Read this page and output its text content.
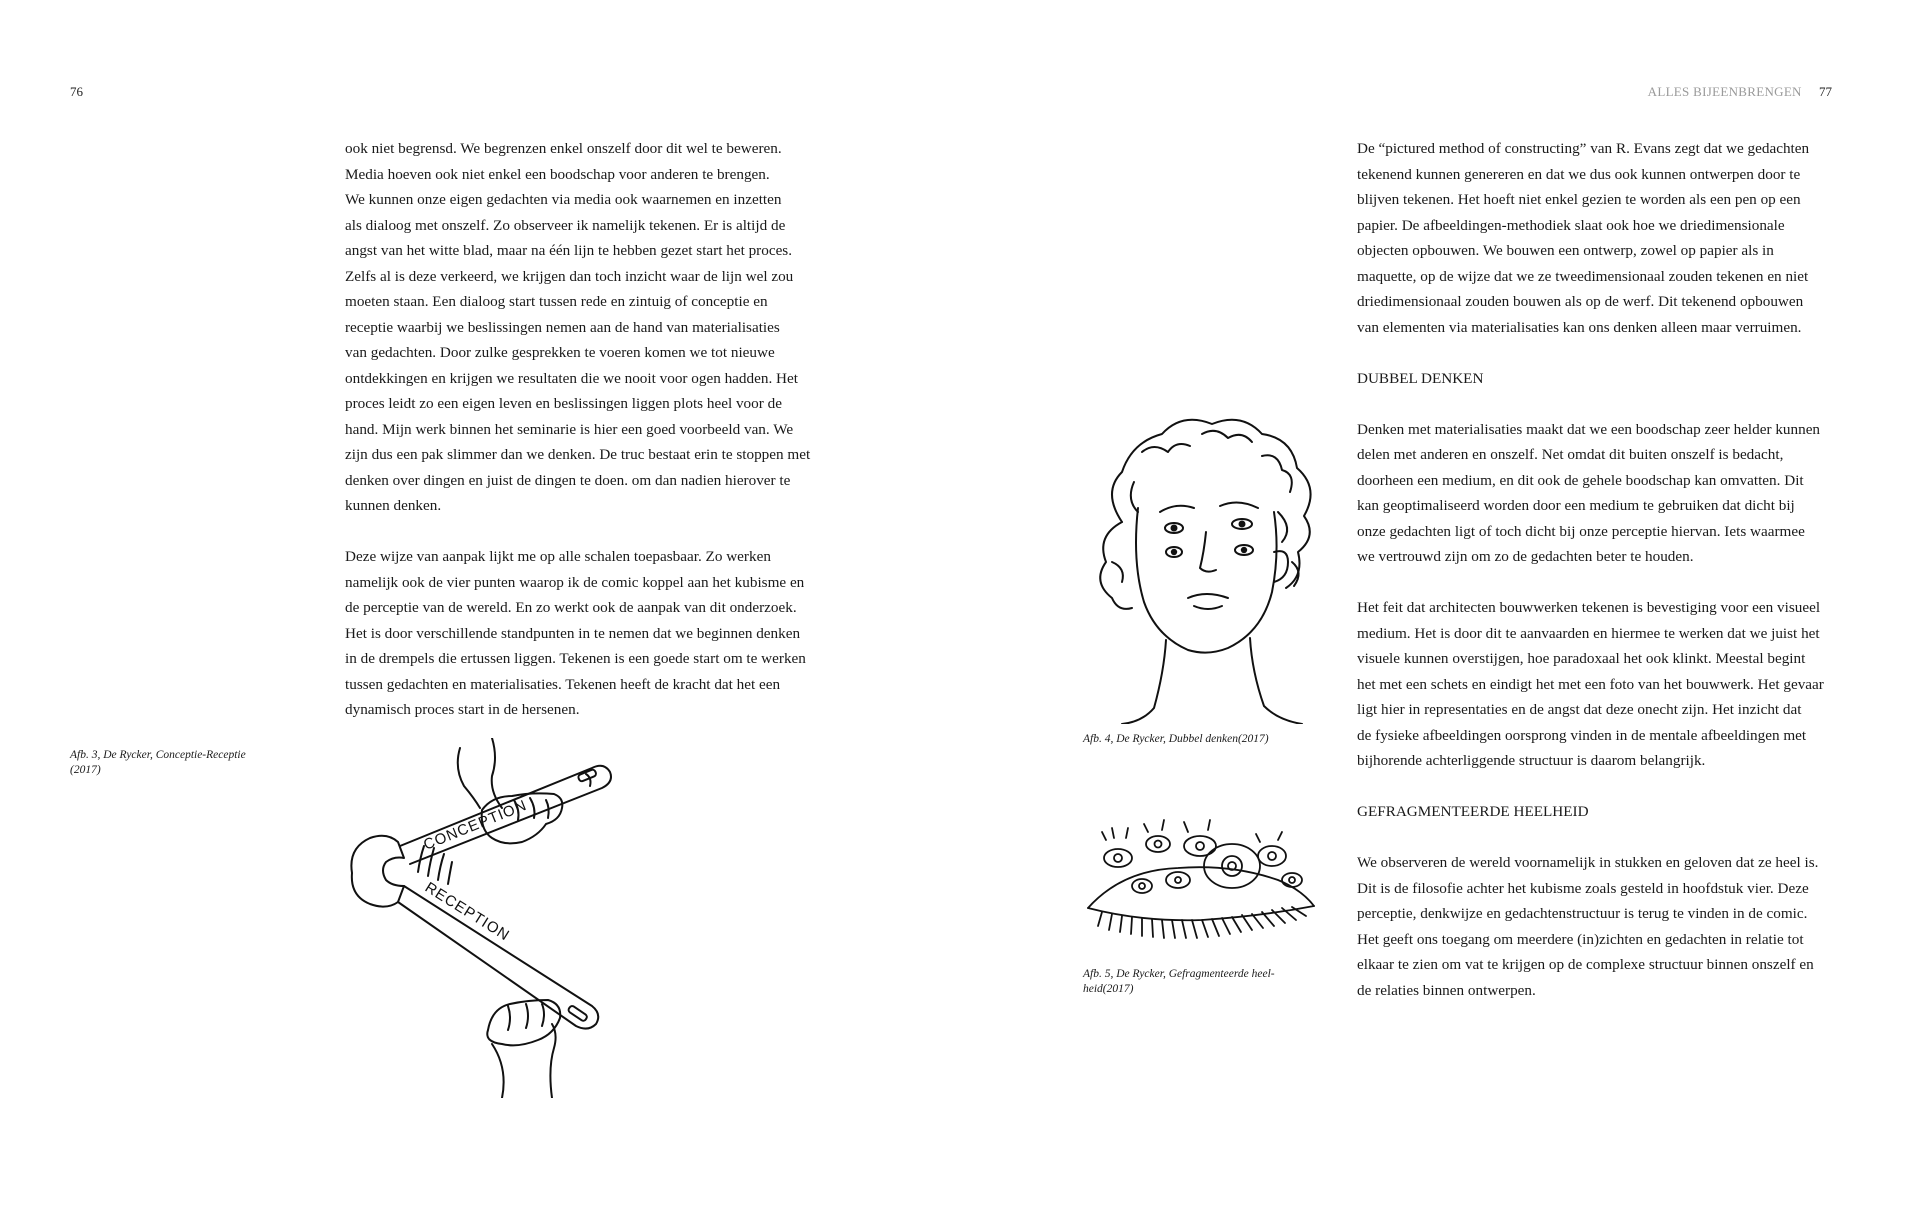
76

ook niet begrensd. We begrenzen enkel onszelf door dit wel te beweren.
Media hoeven ook niet enkel een boodschap voor anderen te brengen.
We kunnen onze eigen gedachten via media ook waarnemen en inzetten
als dialoog met onszelf. Zo observeer ik namelijk tekenen. Er is altijd de
angst van het witte blad, maar na één lijn te hebben gezet start het proces.
Zelfs al is deze verkeerd, we krijgen dan toch inzicht waar de lijn wel zou
moeten staan. Een dialoog start tussen rede en zintuig of conceptie en
receptie waarbij we beslissingen nemen aan de hand van materialisaties
van gedachten. Door zulke gesprekken te voeren komen we tot nieuwe
ontdekkingen en krijgen we resultaten die we nooit voor ogen hadden. Het
proces leidt zo een eigen leven en beslissingen liggen plots heel voor de
hand. Mijn werk binnen het seminarie is hier een goed voorbeeld van. We
zijn dus een pak slimmer dan we denken. De truc bestaat erin te stoppen met
denken over dingen en juist de dingen te doen. om dan nadien hierover te
kunnen denken.

Deze wijze van aanpak lijkt me op alle schalen toepasbaar. Zo werken
namelijk ook de vier punten waarop ik de comic koppel aan het kubisme en
de perceptie van de wereld. En zo werkt ook de aanpak van dit onderzoek.
Het is door verschillende standpunten in te nemen dat we beginnen denken
in de drempels die ertussen liggen. Tekenen is een goede start om te werken
tussen gedachten en materialisaties. Tekenen heeft de kracht dat het een
dynamisch proces start in de hersenen.

Afb. 3, De Rycker, Conceptie-Receptie
(2017)
CONCEPTION
RECEPTION
ALLES BIJEENBRENGEN 77

De “pictured method of constructing” van R. Evans zegt dat we gedachten
tekenend kunnen genereren en dat we dus ook kunnen ontwerpen door te
blijven tekenen. Het hoeft niet enkel gezien te worden als een pen op een
papier. De afbeeldingen-methodiek slaat ook hoe we driedimensionale
objecten opbouwen. We bouwen een ontwerp, zowel op papier als in
maquette, op de wijze dat we ze tweedimensionaal zouden tekenen en niet
driedimensionaal zouden bouwen als op de werf. Dit tekenend opbouwen
van elementen via materialisaties kan ons denken alleen maar verruimen.

DUBBEL DENKEN

Denken met materialisaties maakt dat we een boodschap zeer helder kunnen
delen met anderen en onszelf. Net omdat dit buiten onszelf is bedacht,
doorheen een medium, en dit ook de gehele boodschap kan omvatten. Dit
kan geoptimaliseerd worden door een medium te gebruiken dat dicht bij
onze gedachten ligt of toch dicht bij onze perceptie hiervan. Iets waarmee
we vertrouwd zijn om zo de gedachten beter te houden.

Het feit dat architecten bouwwerken tekenen is bevestiging voor een visueel
medium. Het is door dit te aanvaarden en hiermee te werken dat we juist het
visuele kunnen overstijgen, hoe paradoxaal het ook klinkt. Meestal begint
het met een schets en eindigt het met een foto van het bouwwerk. Het gevaar
ligt hier in representaties en de angst dat deze onecht zijn. Het inzicht dat
de fysieke afbeeldingen oorsprong vinden in de mentale afbeeldingen met
bijhorende achterliggende structuur is daarom belangrijk.

GEFRAGMENTEERDE HEELHEID

We observeren de wereld voornamelijk in stukken en geloven dat ze heel is.
Dit is de filosofie achter het kubisme zoals gesteld in hoofdstuk vier. Deze
perceptie, denkwijze en gedachtenstructuur is terug te vinden in de comic.
Het geeft ons toegang om meerdere (in)zichten en gedachten in relatie tot
elkaar te zien om vat te krijgen op de complexe structuur binnen onszelf en
de relaties binnen ontwerpen.

Afb. 4, De Rycker, Dubbel denken(2017)
Afb. 5, De Rycker, Gefragmenteerde heel-
heid(2017)
